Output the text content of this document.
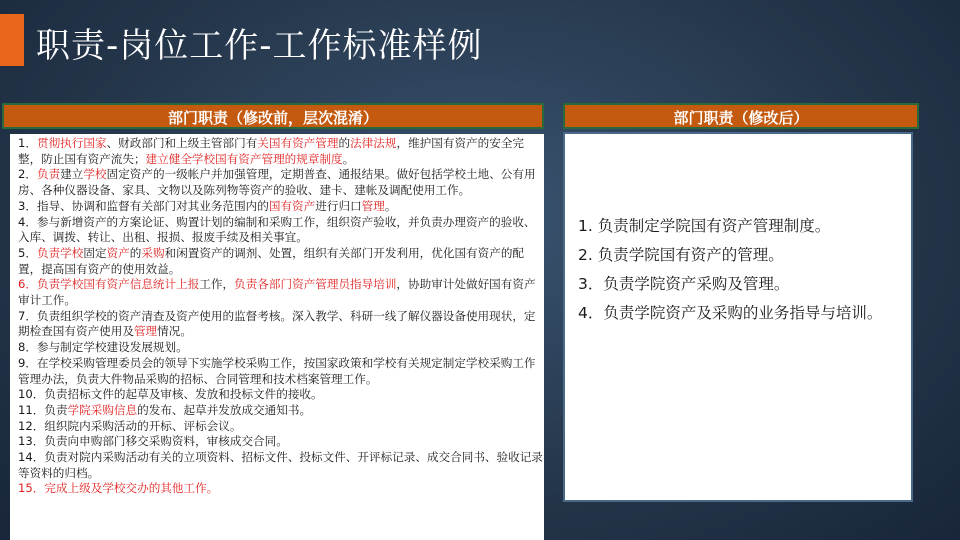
职责-岗位工作-工作标准样例
部门职责（修改前，层次混淆）
1．贯彻执行国家、财政部门和上级主管部门有关国有资产管理的法律法规，维护国有资产的安全完整，防止国有资产流失；建立健全学校国有资产管理的规章制度。
2．负责建立学校固定资产的一级帐户并加强管理，定期普查、通报结果。做好包括学校土地、公有用房、各种仪器设备、家具、文物以及陈列物等资产的验收、建卡、建帐及调配使用工作。
3．指导、协调和监督有关部门对其业务范围内的国有资产进行归口管理。
4．参与新增资产的方案论证、购置计划的编制和采购工作，组织资产验收，并负责办理资产的验收、入库、调拨、转让、出租、报损、报废手续及相关事宜。
5．负责学校固定资产的采购和闲置资产的调剂、处置，组织有关部门开发利用，优化国有资产的配置，提高国有资产的使用效益。
6．负责学校国有资产信息统计上报工作，负责各部门资产管理员指导培训，协助审计处做好国有资产审计工作。
7．负责组织学校的资产清查及资产使用的监督考核。深入教学、科研一线了解仪器设备使用现状，定期检查国有资产使用及管理情况。
8．参与制定学校建设发展规划。
9．在学校采购管理委员会的领导下实施学校采购工作，按国家政策和学校有关规定制定学校采购工作管理办法，负责大件物品采购的招标、合同管理和技术档案管理工作。
10．负责招标文件的起草及审核、发放和投标文件的接收。
11．负责学院采购信息的发布、起草并发放成交通知书。
12．组织院内采购活动的开标、评标会议。
13．负责向申购部门移交采购资料，审核成交合同。
14．负责对院内采购活动有关的立项资料、招标文件、投标文件、开评标记录、成交合同书、验收记录等资料的归档。
15．完成上级及学校交办的其他工作。
部门职责（修改后）
1. 负责制定学院国有资产管理制度。
2. 负责学院国有资产的管理。
3．负责学院资产采购及管理。
4．负责学院资产及采购的业务指导与培训。
